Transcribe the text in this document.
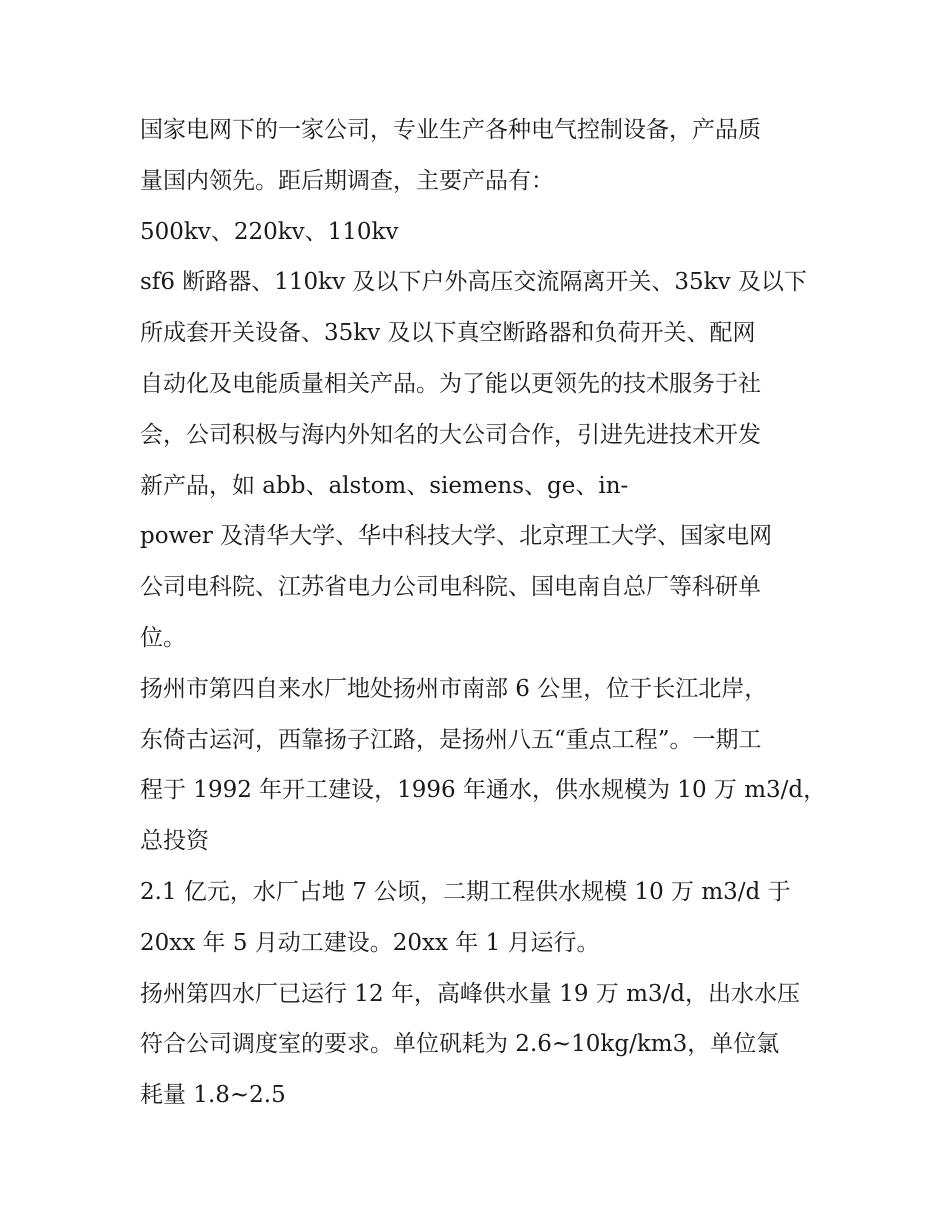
国家电网下的一家公司，专业生产各种电气控制设备，产品质
量国内领先。距后期调查，主要产品有：
500kv、220kv、110kv
sf6 断路器、110kv 及以下户外高压交流隔离开关、35kv 及以下
所成套开关设备、35kv 及以下真空断路器和负荷开关、配网
自动化及电能质量相关产品。为了能以更领先的技术服务于社
会，公司积极与海内外知名的大公司合作，引进先进技术开发
新产品，如 abb、alstom、siemens、ge、in-
power 及清华大学、华中科技大学、北京理工大学、国家电网
公司电科院、江苏省电力公司电科院、国电南自总厂等科研单
位。
扬州市第四自来水厂地处扬州市南部 6 公里，位于长江北岸，
东倚古运河，西靠扬子江路，是扬州八五“重点工程”。一期工
程于 1992 年开工建设，1996 年通水，供水规模为 10 万 m3/d，
总投资
2.1 亿元，水厂占地 7 公顷，二期工程供水规模 10 万 m3/d 于
20xx 年 5 月动工建设。20xx 年 1 月运行。
扬州第四水厂已运行 12 年，高峰供水量 19 万 m3/d，出水水压
符合公司调度室的要求。单位矾耗为 2.6~10kg/km3，单位氯
耗量 1.8~2.5
